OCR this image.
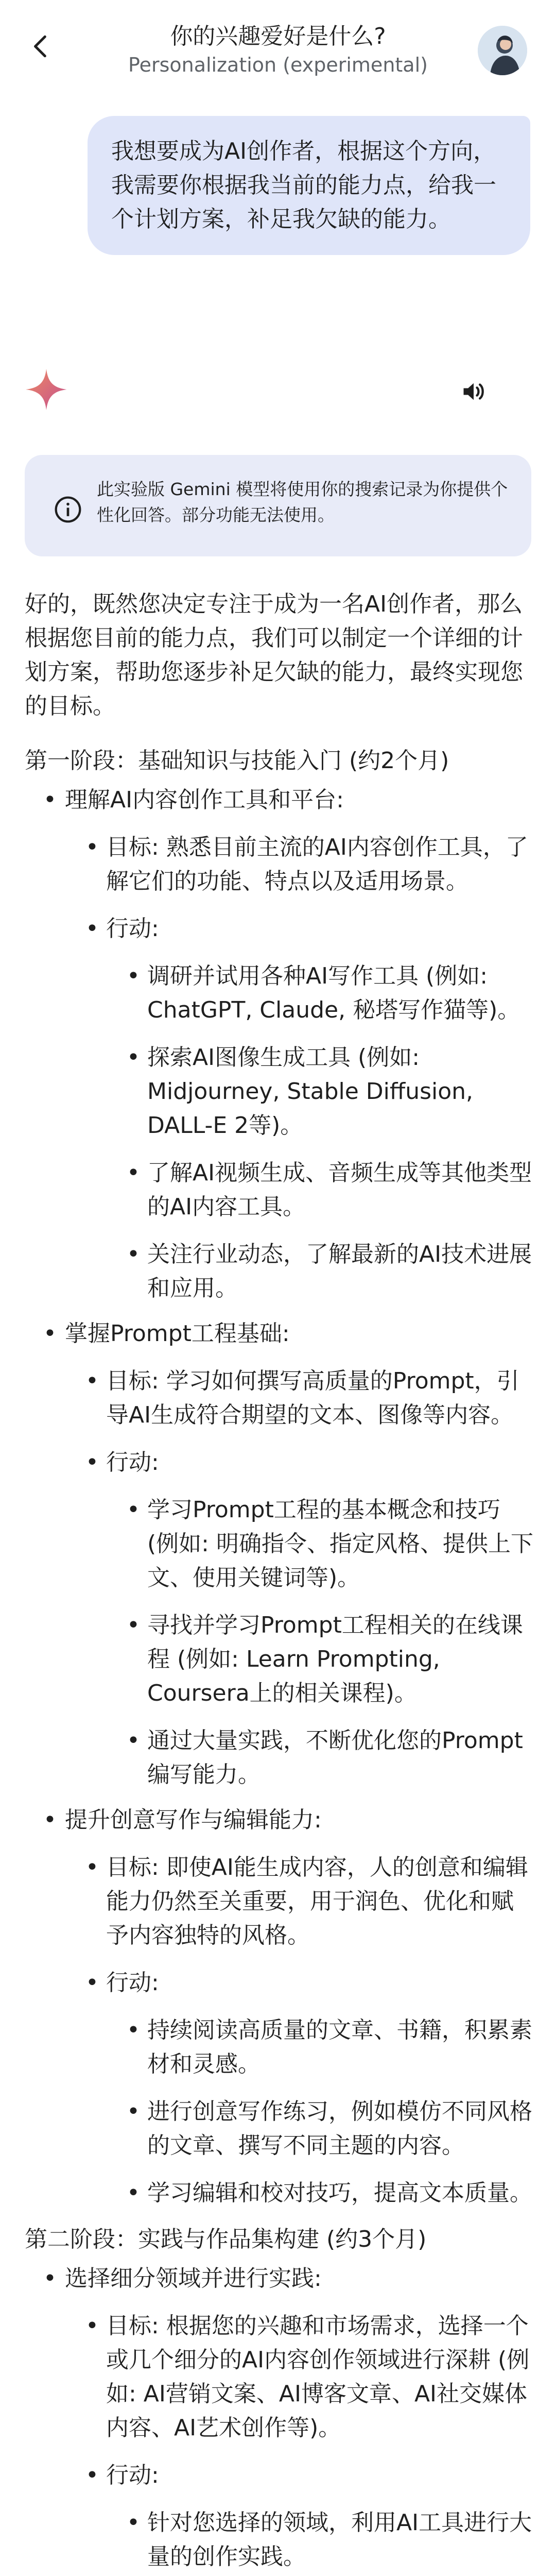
你的兴趣爱好是什么?
Personalization (experimental)
我想要成为AI创作者，根据这个方向，我需要你根据我当前的能力点，给我一个计划方案，补足我欠缺的能力。
此实验版 Gemini 模型将使用你的搜索记录为你提供个性化回答。部分功能无法使用。

好的，既然您决定专注于成为一名AI创作者，那么根据您目前的能力点，我们可以制定一个详细的计划方案，帮助您逐步补足欠缺的能力，最终实现您的目标。

第一阶段：基础知识与技能入门 (约2个月)

• 理解AI内容创作工具和平台:
• 目标: 熟悉目前主流的AI内容创作工具，了解它们的功能、特点以及适用场景。
• 行动:
• 调研并试用各种AI写作工具 (例如: ChatGPT, Claude, 秘塔写作猫等)。
• 探索AI图像生成工具 (例如: Midjourney, Stable Diffusion, DALL-E 2等)。
• 了解AI视频生成、音频生成等其他类型的AI内容工具。
• 关注行业动态，了解最新的AI技术进展和应用。
• 掌握Prompt工程基础:
• 目标: 学习如何撰写高质量的Prompt，引导AI生成符合期望的文本、图像等内容。
• 行动:
• 学习Prompt工程的基本概念和技巧 (例如: 明确指令、指定风格、提供上下文、使用关键词等)。
• 寻找并学习Prompt工程相关的在线课程 (例如: Learn Prompting, Coursera上的相关课程)。
• 通过大量实践，不断优化您的Prompt编写能力。
• 提升创意写作与编辑能力:
• 目标: 即使AI能生成内容，人的创意和编辑能力仍然至关重要，用于润色、优化和赋予内容独特的风格。
• 行动:
• 持续阅读高质量的文章、书籍，积累素材和灵感。
• 进行创意写作练习，例如模仿不同风格的文章、撰写不同主题的内容。
• 学习编辑和校对技巧，提高文本质量。

第二阶段：实践与作品集构建 (约3个月)

• 选择细分领域并进行实践:
• 目标: 根据您的兴趣和市场需求，选择一个或几个细分的AI内容创作领域进行深耕 (例如: AI营销文案、AI博客文章、AI社交媒体内容、AI艺术创作等)。
• 行动:
• 针对您选择的领域，利用AI工具进行大量的创作实践。
